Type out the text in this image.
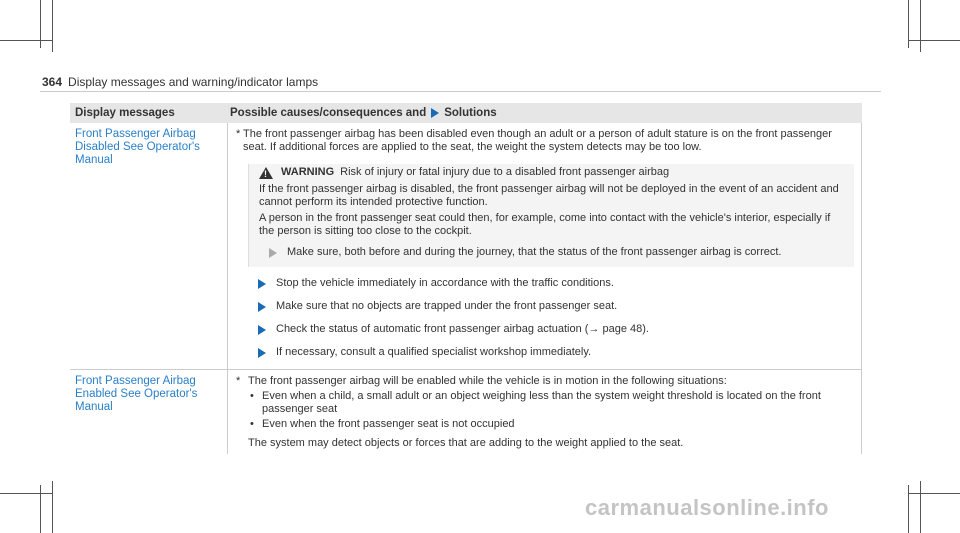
364 Display messages and warning/indicator lamps
Display messages	Possible causes/consequences and Solutions
Front Passenger Airbag Disabled See Operator's Manual
* The front passenger airbag has been disabled even though an adult or a person of adult stature is on the front passenger seat. If additional forces are applied to the seat, the weight the system detects may be too low.
!
WARNING Risk of injury or fatal injury due to a disabled front passenger airbag

If the front passenger airbag is disabled, the front passenger airbag will not be deployed in the event of an accident and cannot perform its intended protective function.

A person in the front passenger seat could then, for example, come into contact with the vehicle's interior, especially if the person is sitting too close to the cockpit.

Make sure, both before and during the journey, that the status of the front passenger airbag is correct.
Stop the vehicle immediately in accordance with the traffic conditions.
Make sure that no objects are trapped under the front passenger seat.
Check the status of automatic front passenger airbag actuation (→ page 48).
If necessary, consult a qualified specialist workshop immediately.
Front Passenger Airbag Enabled See Operator's Manual
* The front passenger airbag will be enabled while the vehicle is in motion in the following situations:
• Even when a child, a small adult or an object weighing less than the system weight threshold is located on the front passenger seat
• Even when the front passenger seat is not occupied
The system may detect objects or forces that are adding to the weight applied to the seat.
carmanualsonline.info
